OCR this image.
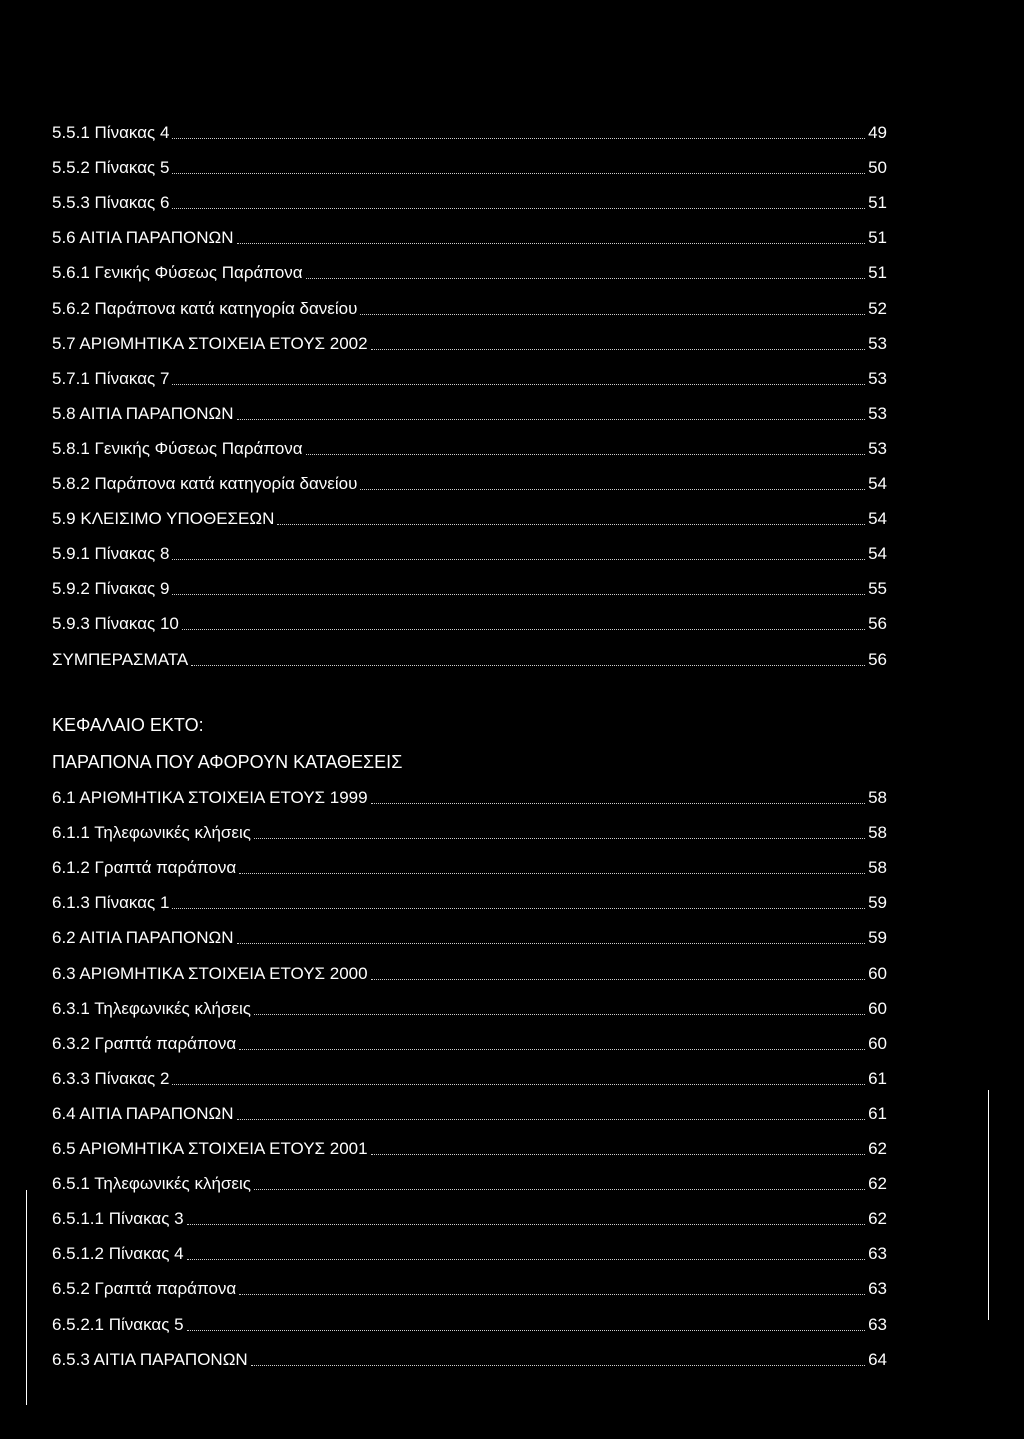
5.5.1 Πίνακας 4	49
5.5.2 Πίνακας 5	50
5.5.3 Πίνακας 6	51
5.6 ΑΙΤΙΑ ΠΑΡΑΠΟΝΩΝ	51
5.6.1 Γενικής Φύσεως Παράπονα	51
5.6.2 Παράπονα κατά κατηγορία δανείου	52
5.7 ΑΡΙΘΜΗΤΙΚΑ ΣΤΟΙΧΕΙΑ ΕΤΟΥΣ 2002	53
5.7.1 Πίνακας 7	53
5.8 ΑΙΤΙΑ ΠΑΡΑΠΟΝΩΝ	53
5.8.1 Γενικής Φύσεως Παράπονα	53
5.8.2 Παράπονα κατά κατηγορία δανείου	54
5.9 ΚΛΕΙΣΙΜΟ ΥΠΟΘΕΣΕΩΝ	54
5.9.1 Πίνακας 8	54
5.9.2 Πίνακας 9	55
5.9.3 Πίνακας 10	56
ΣΥΜΠΕΡΑΣΜΑΤΑ	56
ΚΕΦΑΛΑΙΟ ΕΚΤΟ:
ΠΑΡΑΠΟΝΑ ΠΟΥ ΑΦΟΡΟΥΝ ΚΑΤΑΘΕΣΕΙΣ
6.1 ΑΡΙΘΜΗΤΙΚΑ ΣΤΟΙΧΕΙΑ ΕΤΟΥΣ 1999	58
6.1.1 Τηλεφωνικές κλήσεις	58
6.1.2 Γραπτά παράπονα	58
6.1.3 Πίνακας 1	59
6.2 ΑΙΤΙΑ ΠΑΡΑΠΟΝΩΝ	59
6.3 ΑΡΙΘΜΗΤΙΚΑ ΣΤΟΙΧΕΙΑ ΕΤΟΥΣ 2000	60
6.3.1 Τηλεφωνικές κλήσεις	60
6.3.2 Γραπτά παράπονα	60
6.3.3 Πίνακας 2	61
6.4 ΑΙΤΙΑ ΠΑΡΑΠΟΝΩΝ	61
6.5 ΑΡΙΘΜΗΤΙΚΑ ΣΤΟΙΧΕΙΑ ΕΤΟΥΣ 2001	62
6.5.1 Τηλεφωνικές κλήσεις	62
6.5.1.1 Πίνακας 3	62
6.5.1.2 Πίνακας 4	63
6.5.2 Γραπτά παράπονα	63
6.5.2.1 Πίνακας 5	63
6.5.3 ΑΙΤΙΑ ΠΑΡΑΠΟΝΩΝ	64
